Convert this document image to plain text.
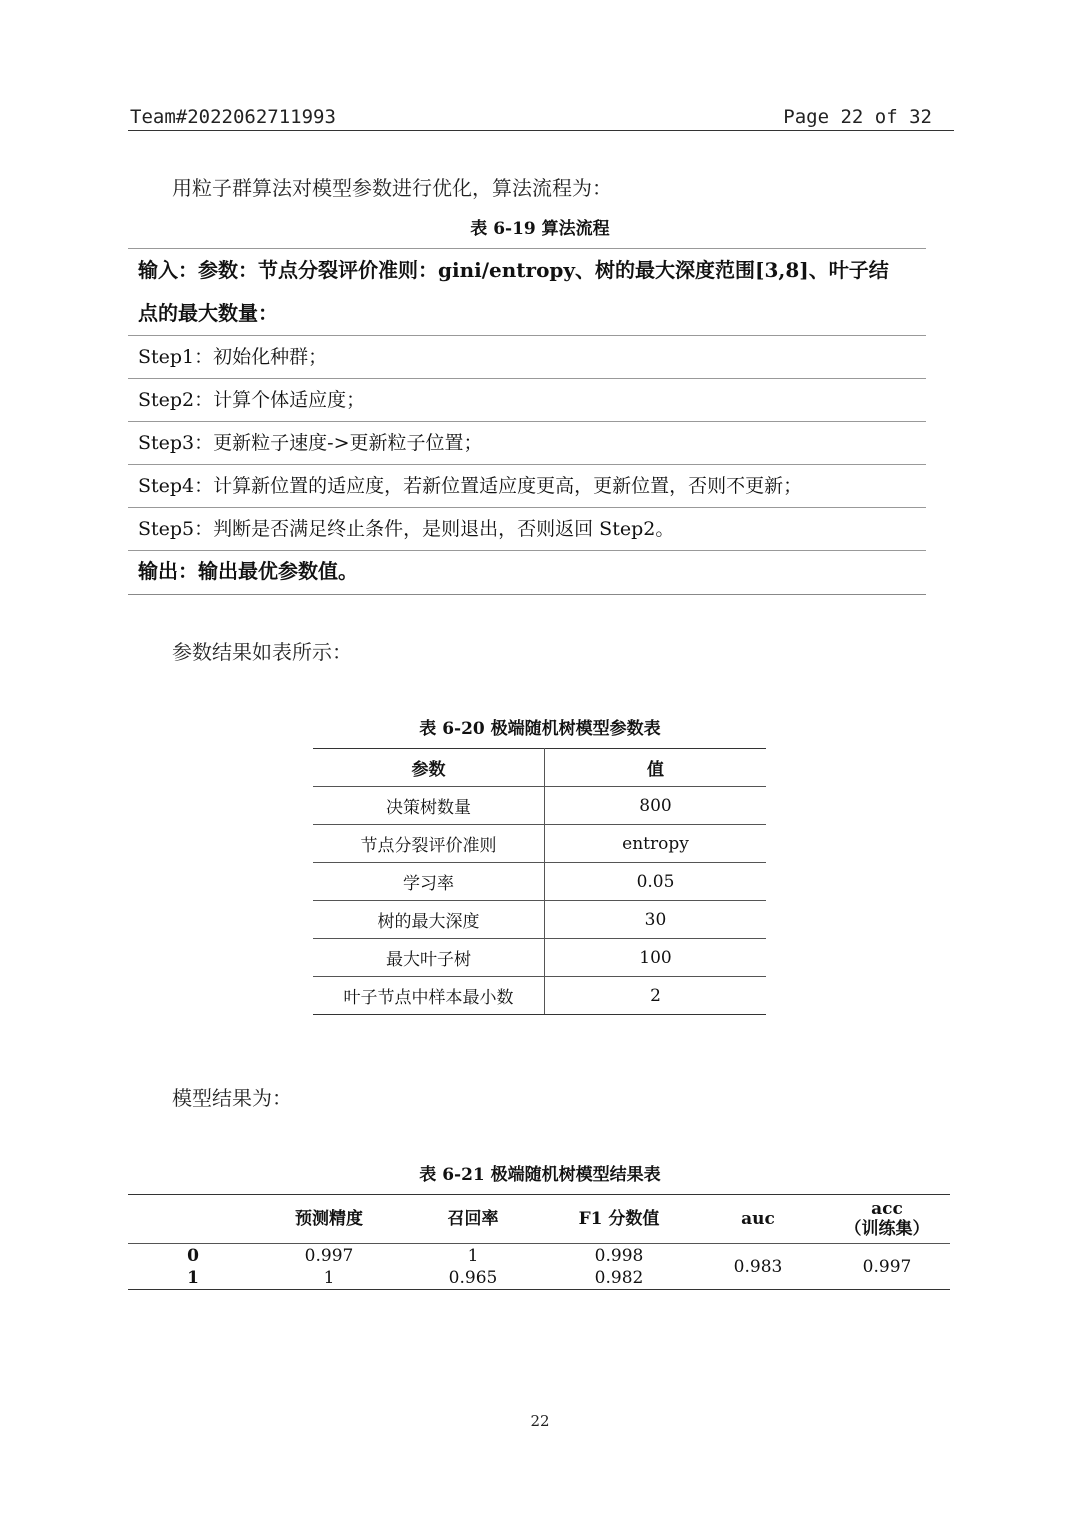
Team#2022062711993	Page 22 of 32
用粒子群算法对模型参数进行优化，算法流程为：
表 6-19 算法流程
输入：参数：节点分裂评价准则：gini/entropy、树的最大深度范围[3,8]、叶子结
点的最大数量：
Step1：初始化种群；
Step2：计算个体适应度；
Step3：更新粒子速度->更新粒子位置；
Step4：计算新位置的适应度，若新位置适应度更高，更新位置，否则不更新；
Step5：判断是否满足终止条件，是则退出，否则返回 Step2。
输出：输出最优参数值。
参数结果如表所示：
表 6-20 极端随机树模型参数表
参数	值
决策树数量	800
节点分裂评价准则	entropy
学习率	0.05
树的最大深度	30
最大叶子树	100
叶子节点中样本最小数	2
模型结果为：
表 6-21 极端随机树模型结果表
	预测精度	召回率	F1 分数值	auc	acc
（训练集）

0	0.997	1	0.998	0.983	0.997
1	1	0.965	0.982		
22
